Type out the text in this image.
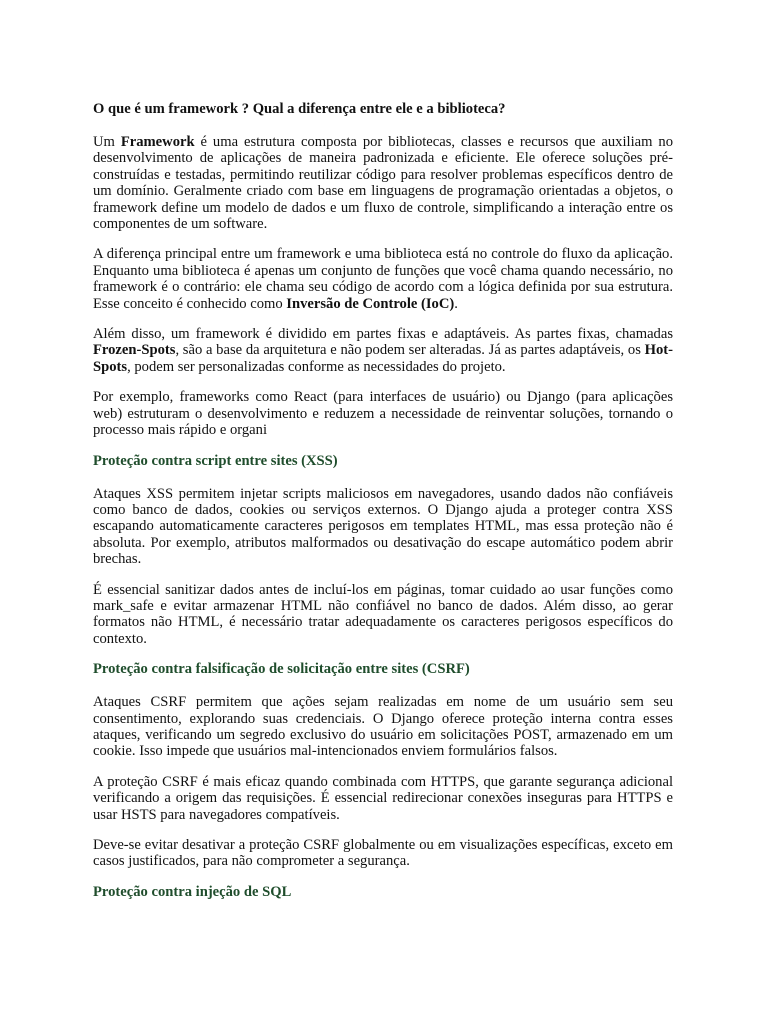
O que é um framework ? Qual a diferença entre ele e a biblioteca?

Um Framework é uma estrutura composta por bibliotecas, classes e recursos que auxiliam no desenvolvimento de aplicações de maneira padronizada e eficiente. Ele oferece soluções pré-construídas e testadas, permitindo reutilizar código para resolver problemas específicos dentro de um domínio. Geralmente criado com base em linguagens de programação orientadas a objetos, o framework define um modelo de dados e um fluxo de controle, simplificando a interação entre os componentes de um software.

A diferença principal entre um framework e uma biblioteca está no controle do fluxo da aplicação. Enquanto uma biblioteca é apenas um conjunto de funções que você chama quando necessário, no framework é o contrário: ele chama seu código de acordo com a lógica definida por sua estrutura. Esse conceito é conhecido como Inversão de Controle (IoC).

Além disso, um framework é dividido em partes fixas e adaptáveis. As partes fixas, chamadas Frozen-Spots, são a base da arquitetura e não podem ser alteradas. Já as partes adaptáveis, os Hot-Spots, podem ser personalizadas conforme as necessidades do projeto.

Por exemplo, frameworks como React (para interfaces de usuário) ou Django (para aplicações web) estruturam o desenvolvimento e reduzem a necessidade de reinventar soluções, tornando o processo mais rápido e organi

Proteção contra script entre sites (XSS)

Ataques XSS permitem injetar scripts maliciosos em navegadores, usando dados não confiáveis como banco de dados, cookies ou serviços externos. O Django ajuda a proteger contra XSS escapando automaticamente caracteres perigosos em templates HTML, mas essa proteção não é absoluta. Por exemplo, atributos malformados ou desativação do escape automático podem abrir brechas.

É essencial sanitizar dados antes de incluí-los em páginas, tomar cuidado ao usar funções como mark_safe e evitar armazenar HTML não confiável no banco de dados. Além disso, ao gerar formatos não HTML, é necessário tratar adequadamente os caracteres perigosos específicos do contexto.

Proteção contra falsificação de solicitação entre sites (CSRF)

Ataques CSRF permitem que ações sejam realizadas em nome de um usuário sem seu consentimento, explorando suas credenciais. O Django oferece proteção interna contra esses ataques, verificando um segredo exclusivo do usuário em solicitações POST, armazenado em um cookie. Isso impede que usuários mal-intencionados enviem formulários falsos.

A proteção CSRF é mais eficaz quando combinada com HTTPS, que garante segurança adicional verificando a origem das requisições. É essencial redirecionar conexões inseguras para HTTPS e usar HSTS para navegadores compatíveis.

Deve-se evitar desativar a proteção CSRF globalmente ou em visualizações específicas, exceto em casos justificados, para não comprometer a segurança.

Proteção contra injeção de SQL
